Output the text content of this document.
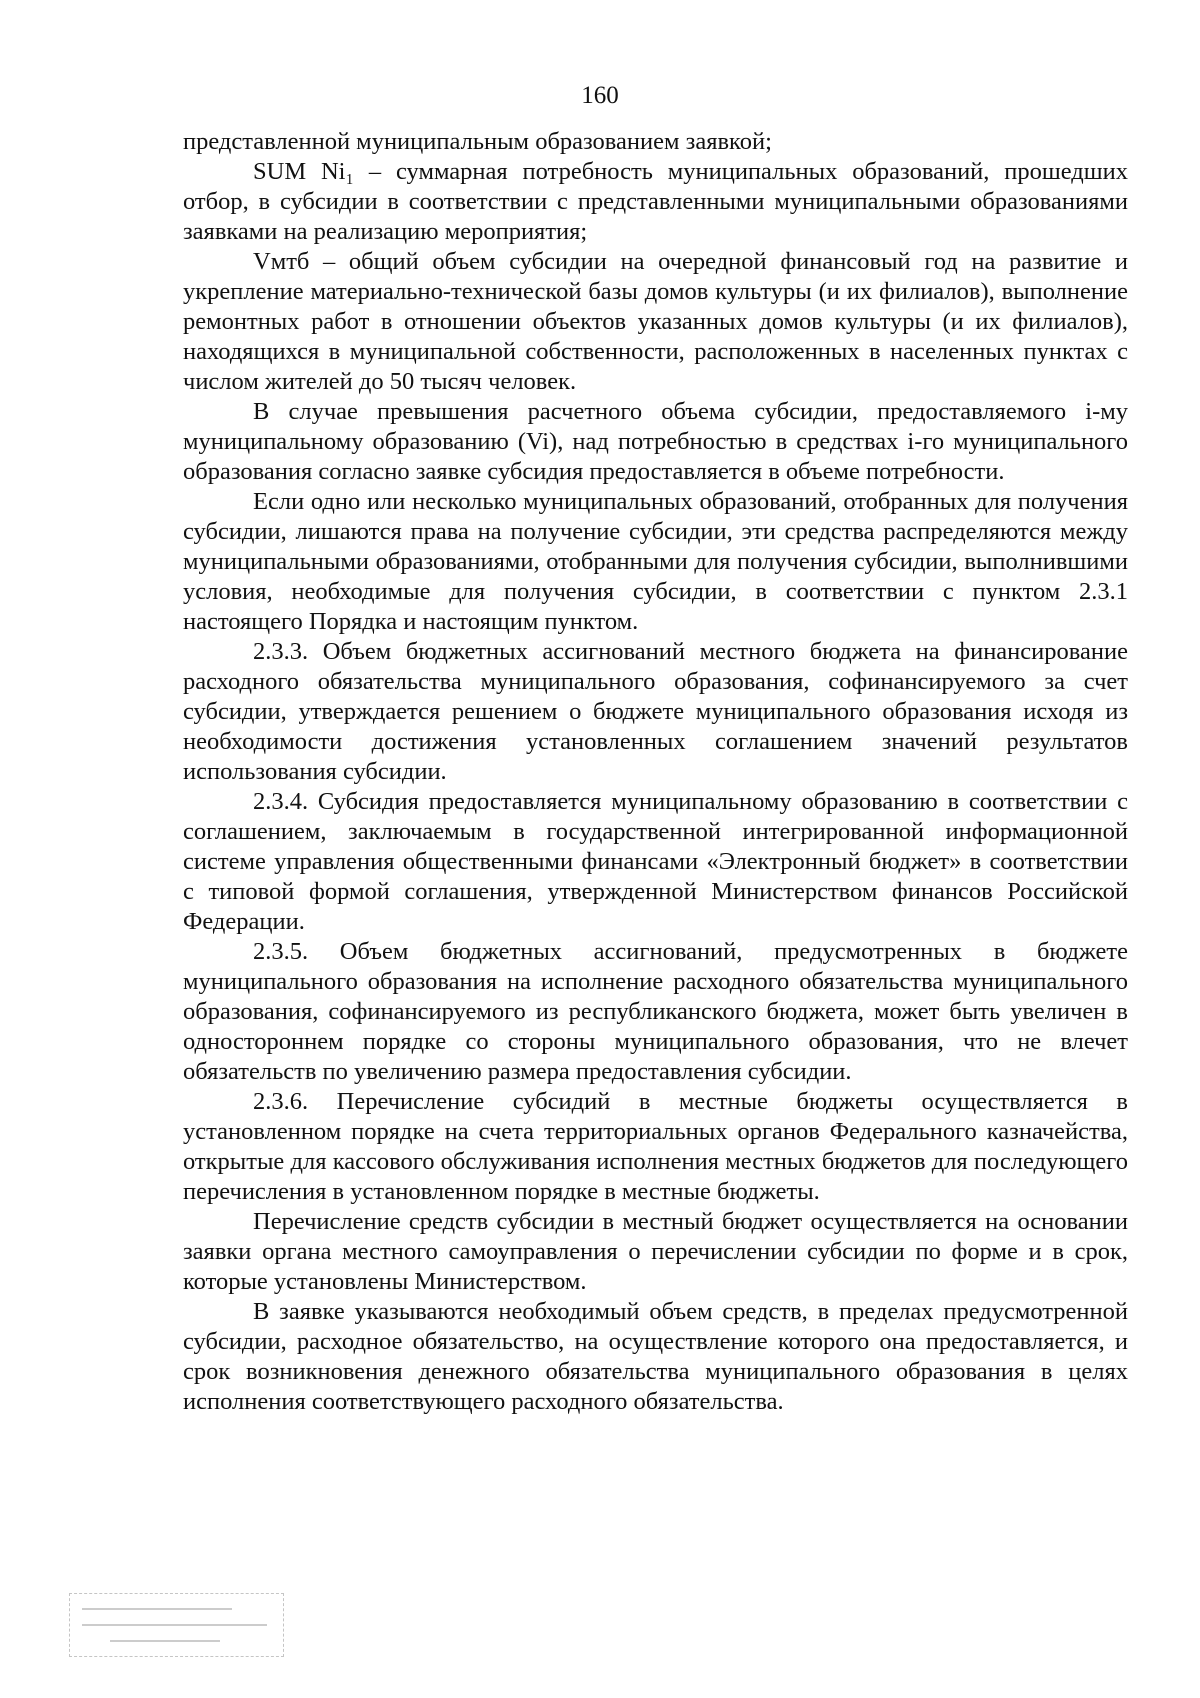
160

представленной муниципальным образованием заявкой;

SUM Ni₁ – суммарная потребность муниципальных образований, прошедших отбор, в субсидии в соответствии с представленными муниципальными образованиями заявками на реализацию мероприятия;

Vмтб – общий объем субсидии на очередной финансовый год на развитие и укрепление материально-технической базы домов культуры (и их филиалов), выполнение ремонтных работ в отношении объектов указанных домов культуры (и их филиалов), находящихся в муниципальной собственности, расположенных в населенных пунктах с числом жителей до 50 тысяч человек.

В случае превышения расчетного объема субсидии, предоставляемого i-му муниципальному образованию (Vi), над потребностью в средствах i-го муниципального образования согласно заявке субсидия предоставляется в объеме потребности.

Если одно или несколько муниципальных образований, отобранных для получения субсидии, лишаются права на получение субсидии, эти средства распределяются между муниципальными образованиями, отобранными для получения субсидии, выполнившими условия, необходимые для получения субсидии, в соответствии с пунктом 2.3.1 настоящего Порядка и настоящим пунктом.

2.3.3. Объем бюджетных ассигнований местного бюджета на финансирование расходного обязательства муниципального образования, софинансируемого за счет субсидии, утверждается решением о бюджете муниципального образования исходя из необходимости достижения установленных соглашением значений результатов использования субсидии.

2.3.4. Субсидия предоставляется муниципальному образованию в соответствии с соглашением, заключаемым в государственной интегрированной информационной системе управления общественными финансами «Электронный бюджет» в соответствии с типовой формой соглашения, утвержденной Министерством финансов Российской Федерации.

2.3.5. Объем бюджетных ассигнований, предусмотренных в бюджете муниципального образования на исполнение расходного обязательства муниципального образования, софинансируемого из республиканского бюджета, может быть увеличен в одностороннем порядке со стороны муниципального образования, что не влечет обязательств по увеличению размера предоставления субсидии.

2.3.6. Перечисление субсидий в местные бюджеты осуществляется в установленном порядке на счета территориальных органов Федерального казначейства, открытые для кассового обслуживания исполнения местных бюджетов для последующего перечисления в установленном порядке в местные бюджеты.

Перечисление средств субсидии в местный бюджет осуществляется на основании заявки органа местного самоуправления о перечислении субсидии по форме и в срок, которые установлены Министерством.

В заявке указываются необходимый объем средств, в пределах предусмотренной субсидии, расходное обязательство, на осуществление которого она предоставляется, и срок возникновения денежного обязательства муниципального образования в целях исполнения соответствующего расходного обязательства.
